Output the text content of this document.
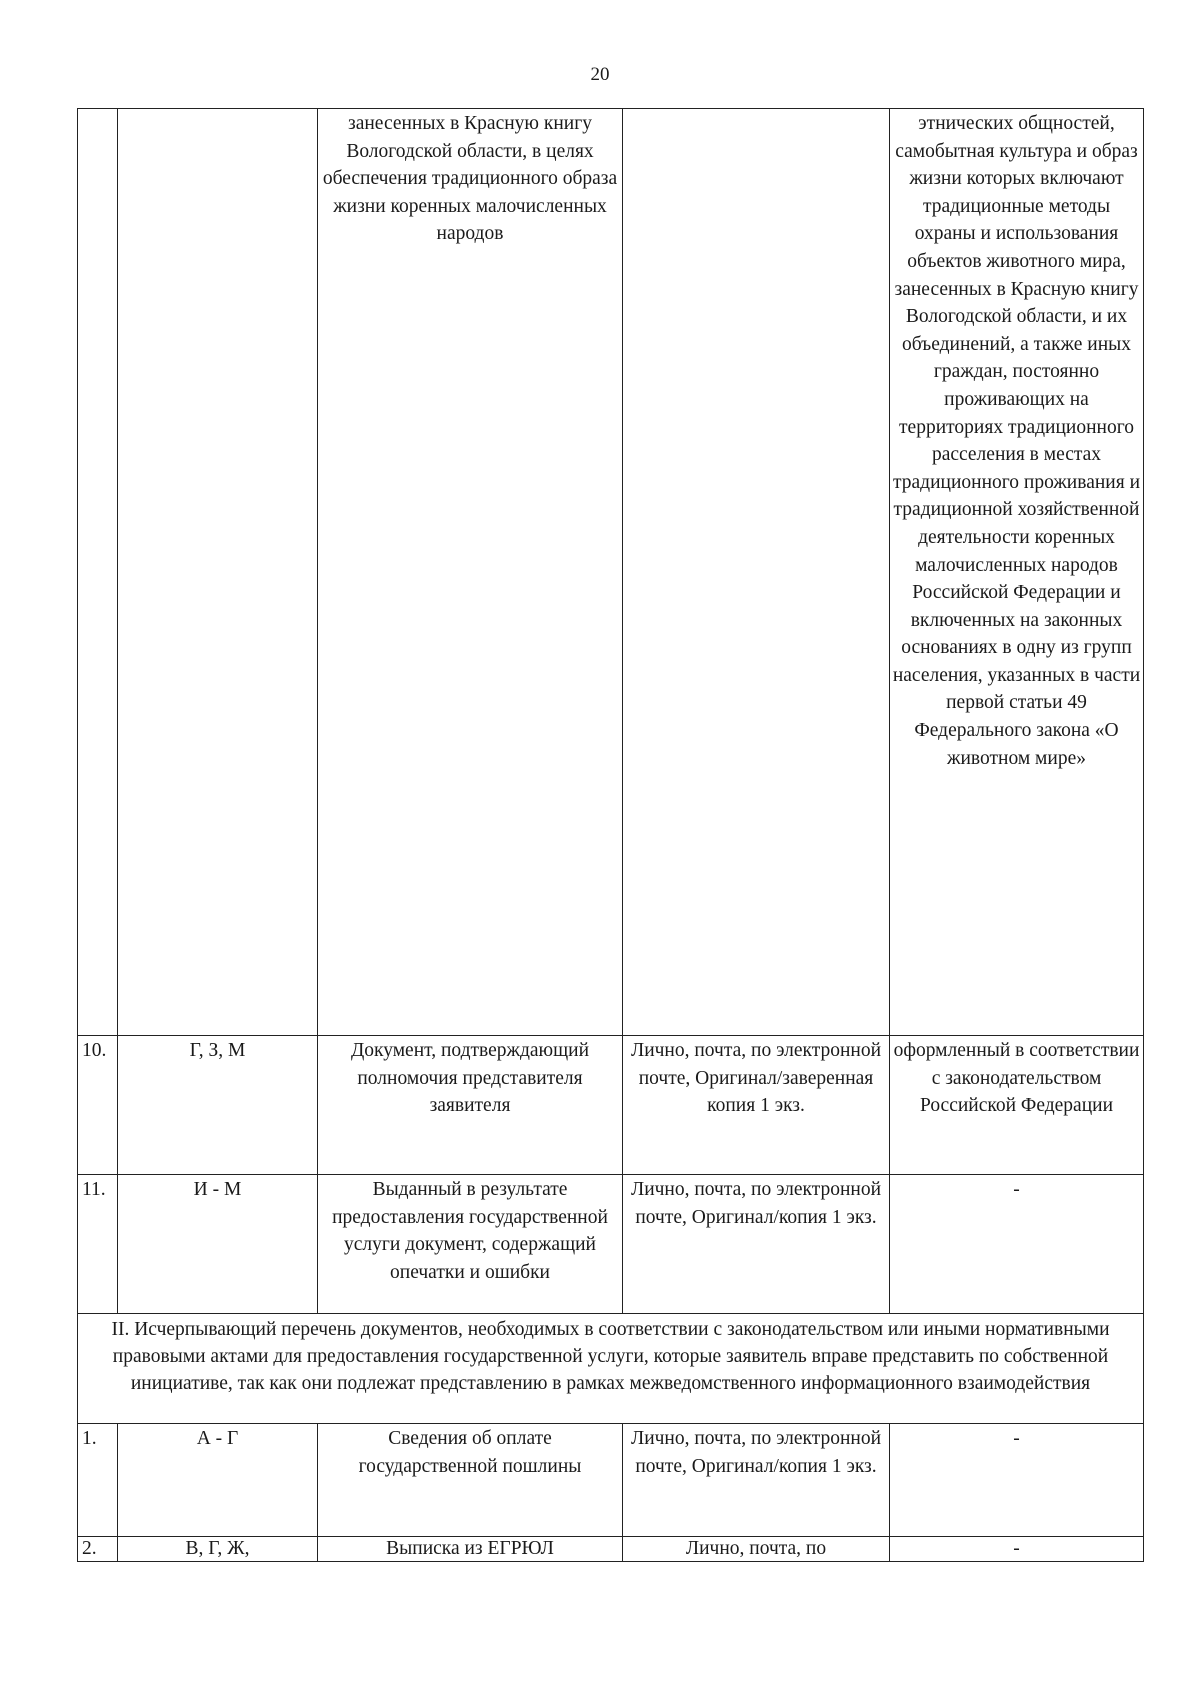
20
		занесенных в Красную книгу Вологодской области, в целях обеспечения традиционного образа жизни коренных малочисленных народов		этнических общностей, самобытная культура и образ жизни которых включают традиционные методы охраны и использования объектов животного мира, занесенных в Красную книгу Вологодской области, и их объединений, а также иных граждан, постоянно проживающих на территориях традиционного расселения в местах традиционного проживания и традиционной хозяйственной деятельности коренных малочисленных народов Российской Федерации и включенных на законных основаниях в одну из групп населения, указанных в части первой статьи 49 Федерального закона «О животном мире»
10.	Г, З, М	Документ, подтверждающий полномочия представителя заявителя	Лично, почта, по электронной почте, Оригинал/заверенная копия 1 экз.	оформленный в соответствии с законодательством Российской Федерации
11.	И - М	Выданный в результате предоставления государственной услуги документ, содержащий опечатки и ошибки	Лично, почта, по электронной почте, Оригинал/копия 1 экз.	-
II. Исчерпывающий перечень документов, необходимых в соответствии с законодательством или иными нормативными правовыми актами для предоставления государственной услуги, которые заявитель вправе представить по собственной инициативе, так как они подлежат представлению в рамках межведомственного информационного взаимодействия				
1.	А - Г	Сведения об оплате государственной пошлины	Лично, почта, по электронной почте, Оригинал/копия 1 экз.	-
2.	В, Г, Ж,	Выписка из ЕГРЮЛ	Лично, почта, по	-
